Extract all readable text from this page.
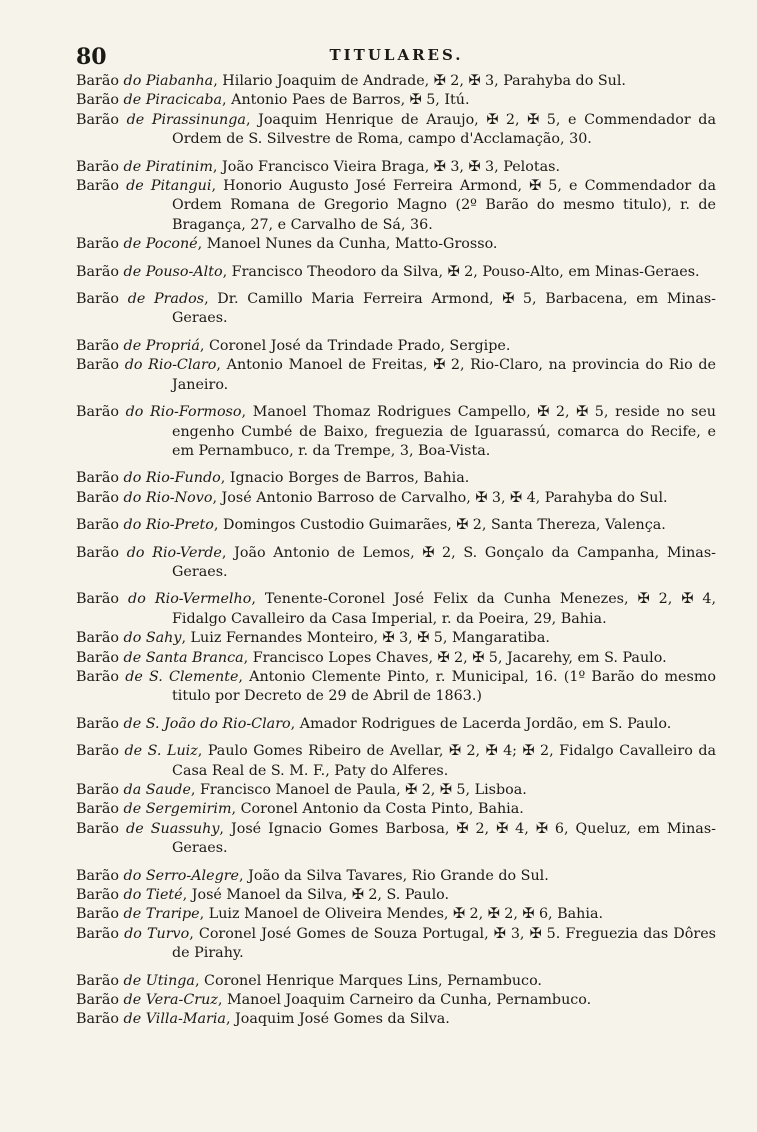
80	TITULARES.
Barão do Piabanha, Hilario Joaquim de Andrade, ✠ 2, ✠ 3, Parahyba do Sul.
Barão de Piracicaba, Antonio Paes de Barros, ✠ 5, Itú.
Barão de Pirassinunga, Joaquim Henrique de Araujo, ✠ 2, ✠ 5, e Commendador da Ordem de S. Silvestre de Roma, campo d'Acclamação, 30.
Barão de Piratinim, João Francisco Vieira Braga, ✠ 3, ✠ 3, Pelotas.
Barão de Pitangui, Honorio Augusto José Ferreira Armond, ✠ 5, e Commendador da Ordem Romana de Gregorio Magno (2º Barão do mesmo titulo), r. de Bragança, 27, e Carvalho de Sá, 36.
Barão de Poconé, Manoel Nunes da Cunha, Matto-Grosso.
Barão de Pouso-Alto, Francisco Theodoro da Silva, ✠ 2, Pouso-Alto, em Minas-Geraes.
Barão de Prados, Dr. Camillo Maria Ferreira Armond, ✠ 5, Barbacena, em Minas-Geraes.
Barão de Propriá, Coronel José da Trindade Prado, Sergipe.
Barão do Rio-Claro, Antonio Manoel de Freitas, ✠ 2, Rio-Claro, na provincia do Rio de Janeiro.
Barão do Rio-Formoso, Manoel Thomaz Rodrigues Campello, ✠ 2, ✠ 5, reside no seu engenho Cumbé de Baixo, freguezia de Iguarassú, comarca do Recife, e em Pernambuco, r. da Trempe, 3, Boa-Vista.
Barão do Rio-Fundo, Ignacio Borges de Barros, Bahia.
Barão do Rio-Novo, José Antonio Barroso de Carvalho, ✠ 3, ✠ 4, Parahyba do Sul.
Barão do Rio-Preto, Domingos Custodio Guimarães, ✠ 2, Santa Thereza, Valença.
Barão do Rio-Verde, João Antonio de Lemos, ✠ 2, S. Gonçalo da Campanha, Minas-Geraes.
Barão do Rio-Vermelho, Tenente-Coronel José Felix da Cunha Menezes, ✠ 2, ✠ 4, Fidalgo Cavalleiro da Casa Imperial, r. da Poeira, 29, Bahia.
Barão do Sahy, Luiz Fernandes Monteiro, ✠ 3, ✠ 5, Mangaratiba.
Barão de Santa Branca, Francisco Lopes Chaves, ✠ 2, ✠ 5, Jacarehy, em S. Paulo.
Barão de S. Clemente, Antonio Clemente Pinto, r. Municipal, 16. (1º Barão do mesmo titulo por Decreto de 29 de Abril de 1863.)
Barão de S. João do Rio-Claro, Amador Rodrigues de Lacerda Jordão, em S. Paulo.
Barão de S. Luiz, Paulo Gomes Ribeiro de Avellar, ✠ 2, ✠ 4; ✠ 2, Fidalgo Cavalleiro da Casa Real de S. M. F., Paty do Alferes.
Barão da Saude, Francisco Manoel de Paula, ✠ 2, ✠ 5, Lisboa.
Barão de Sergemirim, Coronel Antonio da Costa Pinto, Bahia.
Barão de Suassuhy, José Ignacio Gomes Barbosa, ✠ 2, ✠ 4, ✠ 6, Queluz, em Minas-Geraes.
Barão do Serro-Alegre, João da Silva Tavares, Rio Grande do Sul.
Barão do Tieté, José Manoel da Silva, ✠ 2, S. Paulo.
Barão de Traripe, Luiz Manoel de Oliveira Mendes, ✠ 2, ✠ 2, ✠ 6, Bahia.
Barão do Turvo, Coronel José Gomes de Souza Portugal, ✠ 3, ✠ 5. Freguezia das Dôres de Pirahy.
Barão de Utinga, Coronel Henrique Marques Lins, Pernambuco.
Barão de Vera-Cruz, Manoel Joaquim Carneiro da Cunha, Pernambuco.
Barão de Villa-Maria, Joaquim José Gomes da Silva.
